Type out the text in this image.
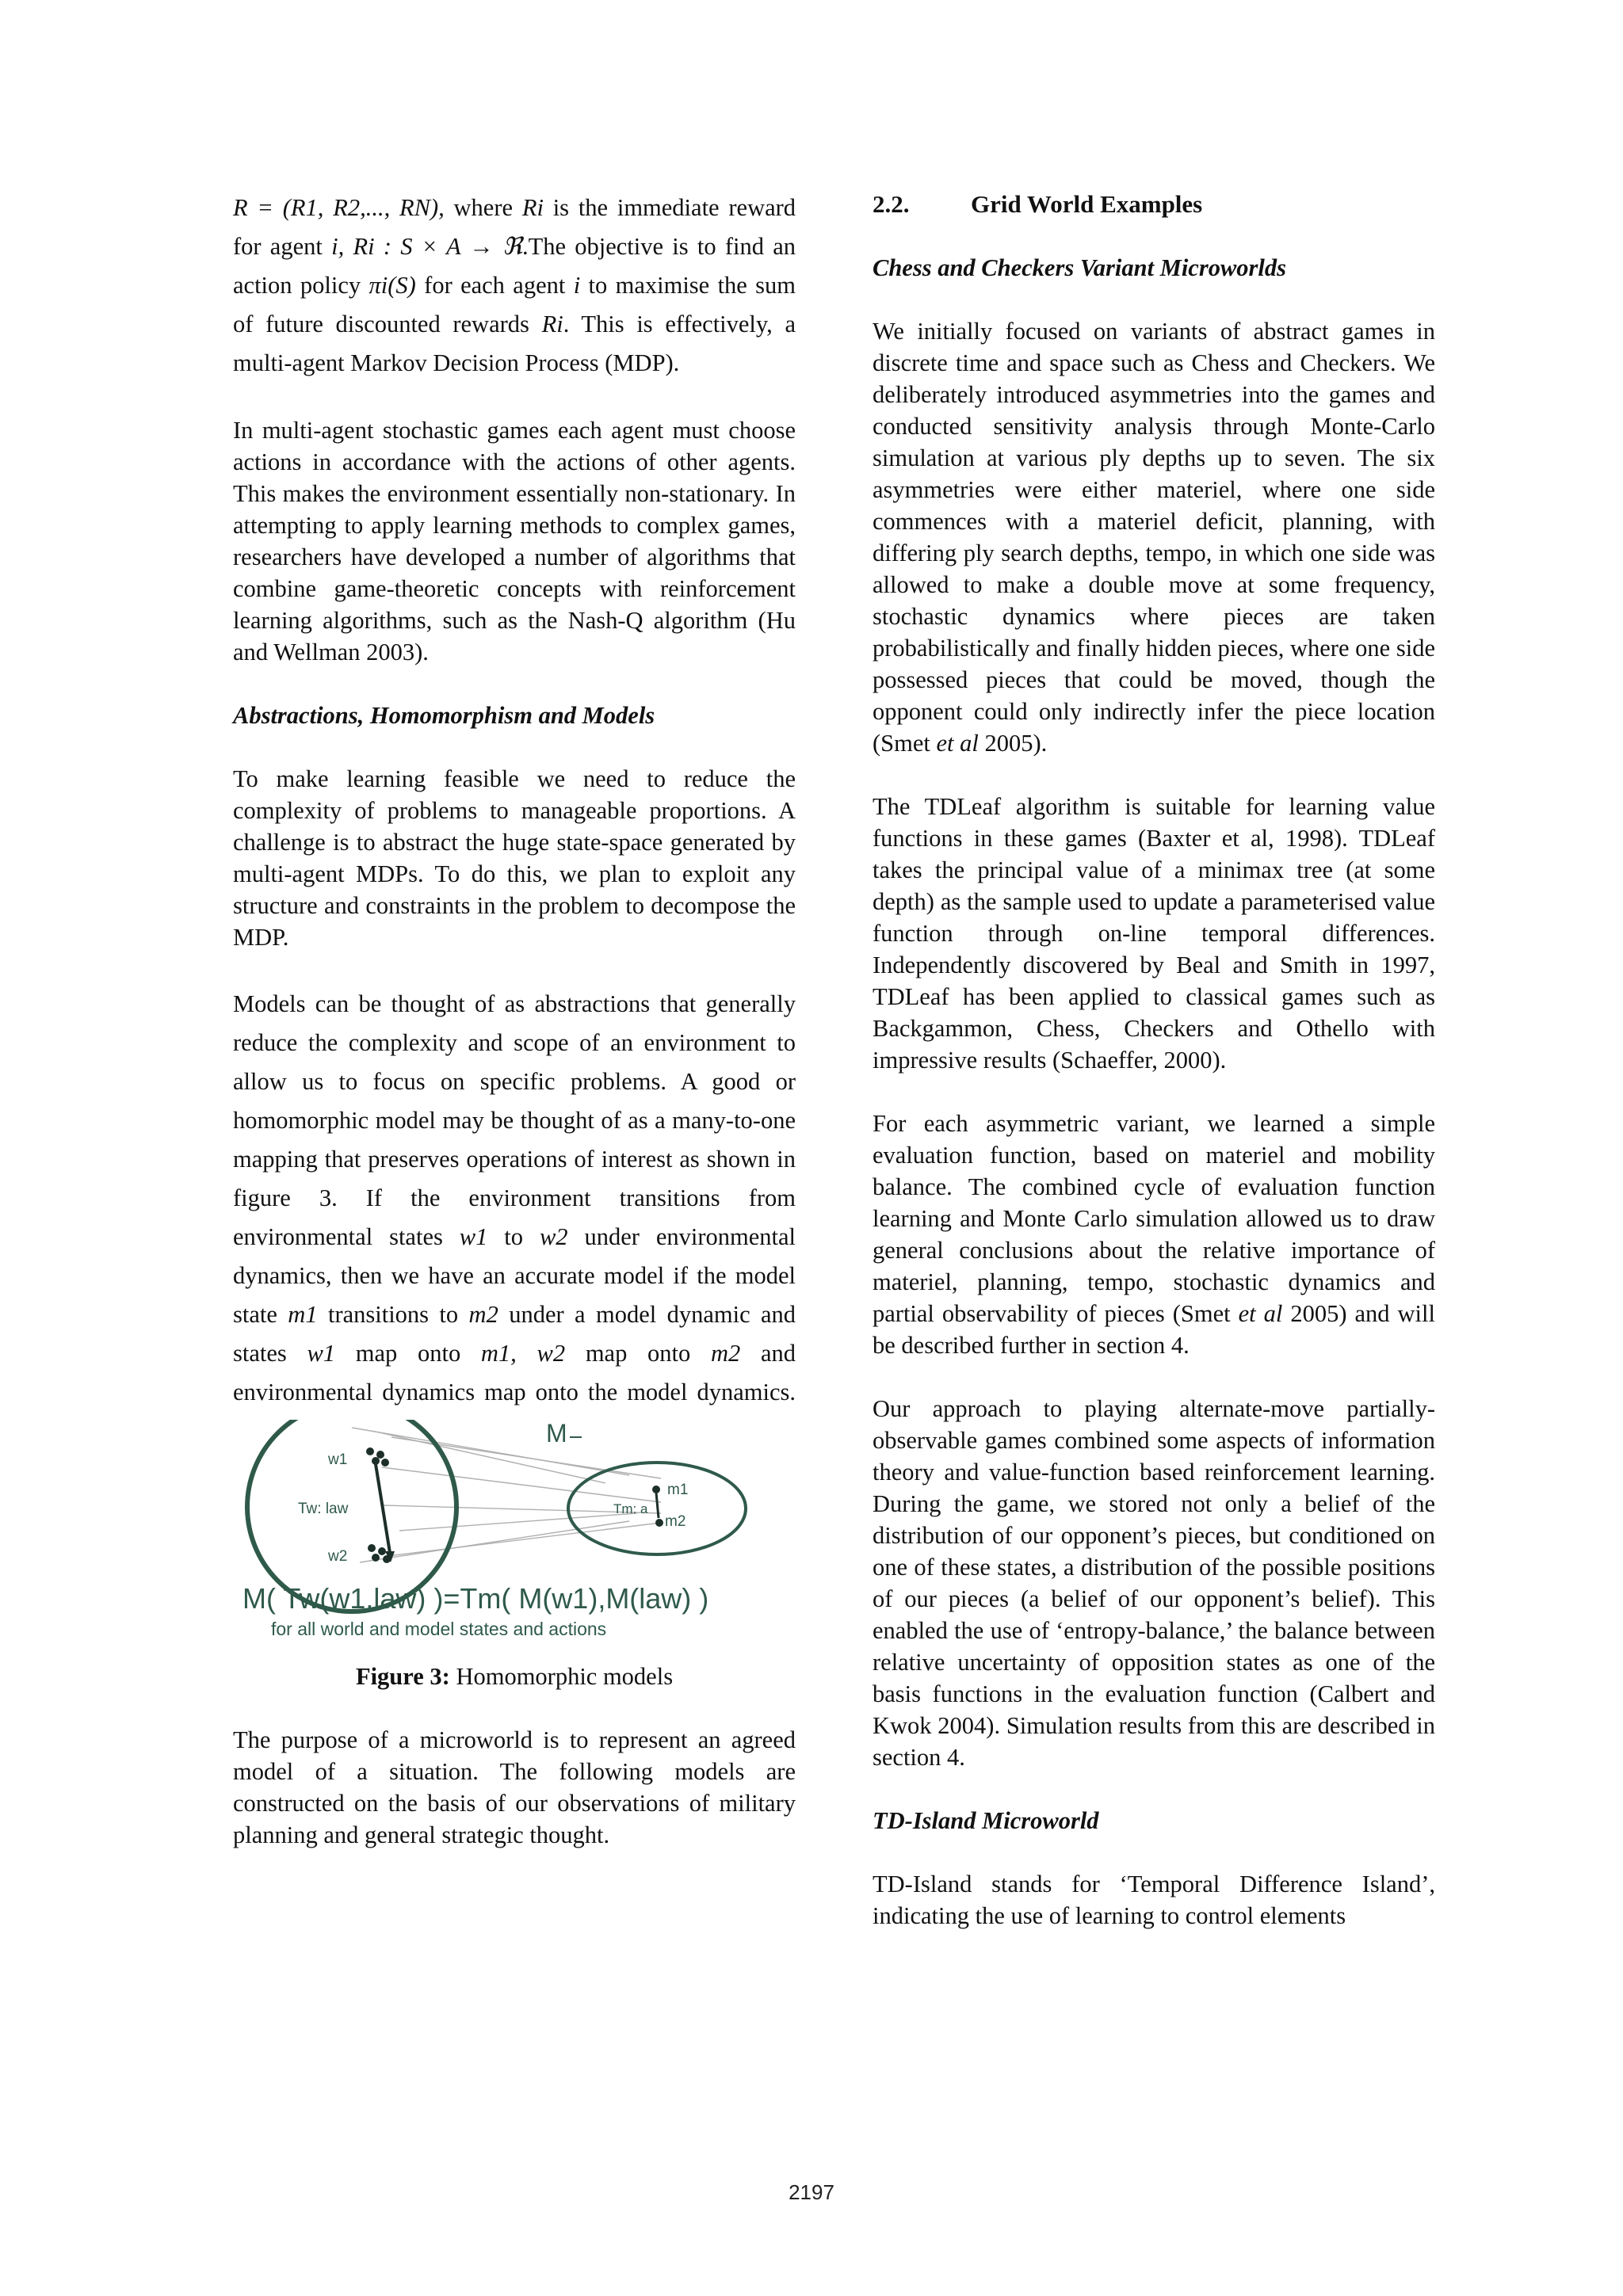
R = (R1, R2,..., RN), where Ri is the immediate reward for agent i, Ri : S × A → ℜ.The objective is to find an action policy πi(S) for each agent i to maximise the sum of future discounted rewards Ri. This is effectively, a multi-agent Markov Decision Process (MDP).

In multi-agent stochastic games each agent must choose actions in accordance with the actions of other agents. This makes the environment essentially non-stationary. In attempting to apply learning methods to complex games, researchers have developed a number of algorithms that combine game-theoretic concepts with reinforcement learning algorithms, such as the Nash-Q algorithm (Hu and Wellman 2003).

Abstractions, Homomorphism and Models

To make learning feasible we need to reduce the complexity of problems to manageable proportions. A challenge is to abstract the huge state-space generated by multi-agent MDPs. To do this, we plan to exploit any structure and constraints in the problem to decompose the MDP.

Models can be thought of as abstractions that generally reduce the complexity and scope of an environment to allow us to focus on specific problems. A good or homomorphic model may be thought of as a many-to-one mapping that preserves operations of interest as shown in figure 3. If the environment transitions from environmental states w1 to w2 under environmental dynamics, then we have an accurate model if the model state m1 transitions to m2 under a model dynamic and states w1 map onto m1, w2 map onto m2 and environmental dynamics map onto the model dynamics.

M
w1
w2
Tw: law
m1
m2
Tm: a
M( Tw(w1,law) )=Tm( M(w1),M(law) )
for all world and model states and actions
Figure 3: Homomorphic models

The purpose of a microworld is to represent an agreed model of a situation. The following models are constructed on the basis of our observations of military planning and general strategic thought.

2.2.	Grid World Examples
Chess and Checkers Variant Microworlds

We initially focused on variants of abstract games in discrete time and space such as Chess and Checkers. We deliberately introduced asymmetries into the games and conducted sensitivity analysis through Monte-Carlo simulation at various ply depths up to seven. The six asymmetries were either materiel, where one side commences with a materiel deficit, planning, with differing ply search depths, tempo, in which one side was allowed to make a double move at some frequency, stochastic dynamics where pieces are taken probabilistically and finally hidden pieces, where one side possessed pieces that could be moved, though the opponent could only indirectly infer the piece location (Smet et al 2005).

The TDLeaf algorithm is suitable for learning value functions in these games (Baxter et al, 1998). TDLeaf takes the principal value of a minimax tree (at some depth) as the sample used to update a parameterised value function through on-line temporal differences. Independently discovered by Beal and Smith in 1997, TDLeaf has been applied to classical games such as Backgammon, Chess, Checkers and Othello with impressive results (Schaeffer, 2000).

For each asymmetric variant, we learned a simple evaluation function, based on materiel and mobility balance. The combined cycle of evaluation function learning and Monte Carlo simulation allowed us to draw general conclusions about the relative importance of materiel, planning, tempo, stochastic dynamics and partial observability of pieces (Smet et al 2005) and will be described further in section 4.

Our approach to playing alternate-move partially-observable games combined some aspects of information theory and value-function based reinforcement learning. During the game, we stored not only a belief of the distribution of our opponent’s pieces, but conditioned on one of these states, a distribution of the possible positions of our pieces (a belief of our opponent’s belief). This enabled the use of ‘entropy-balance,’ the balance between relative uncertainty of opposition states as one of the basis functions in the evaluation function (Calbert and Kwok 2004). Simulation results from this are described in section 4.

TD-Island Microworld

TD-Island stands for ‘Temporal Difference Island’, indicating the use of learning to control elements

2197
